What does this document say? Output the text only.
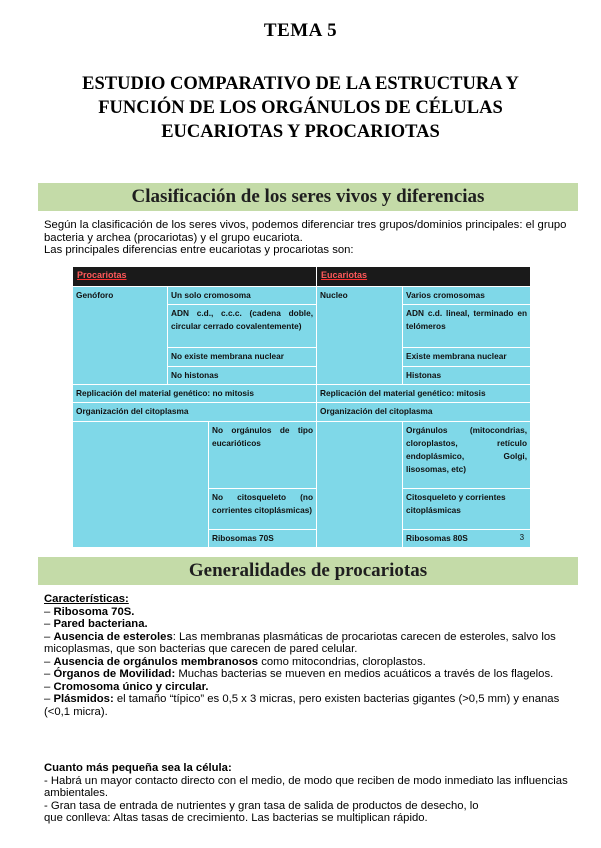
TEMA 5
ESTUDIO COMPARATIVO DE LA ESTRUCTURA Y
FUNCIÓN DE LOS ORGÁNULOS DE CÉLULAS
EUCARIOTAS Y PROCARIOTAS
Clasificación de los seres vivos y diferencias
Según la clasificación de los seres vivos, podemos diferenciar tres grupos/dominios principales: el grupo bacteria y archea (procariotas) y el grupo eucariota.
Las principales diferencias entre eucariotas y procariotas son:
Procariotas			Eucariotas	
Genóforo	Un solo cromosoma		Nucleo	Varios cromosomas
	ADN c.d., c.c.c. (cadena doble, circular cerrado covalentemente)			ADN c.d. lineal, terminado en telómeros
	No existe membrana nuclear			Existe membrana nuclear
	No histonas			Histonas
Replicación del material genético: no mitosis			Replicación del material genético: mitosis	
Organización del citoplasma			Organización del citoplasma	
		No orgánulos de tipo eucarióticos		Orgánulos (mitocondrias, cloroplastos, retículo endoplásmico, Golgi, lisosomas, etc)
		No citosqueleto (no corrientes citoplásmicas)		Citosqueleto y corrientes citoplásmicas
		Ribosomas 70S		Ribosomas 80S 3
Generalidades de procariotas
Características:
– Ribosoma 70S.
– Pared bacteriana.
– Ausencia de esteroles: Las membranas plasmáticas de procariotas carecen de esteroles, salvo los micoplasmas, que son bacterias que carecen de pared celular.
– Ausencia de orgánulos membranosos como mitocondrias, cloroplastos.
– Órganos de Movilidad: Muchas bacterias se mueven en medios acuáticos a través de los flagelos.
– Cromosoma único y circular.
– Plásmidos: el tamaño “típico” es 0,5 x 3 micras, pero existen bacterias gigantes (>0,5 mm) y enanas (<0,1 micra).
Cuanto más pequeña sea la célula:
- Habrá un mayor contacto directo con el medio, de modo que reciben de modo inmediato las influencias ambientales.
- Gran tasa de entrada de nutrientes y gran tasa de salida de productos de desecho, lo
que conlleva: Altas tasas de crecimiento. Las bacterias se multiplican rápido.
